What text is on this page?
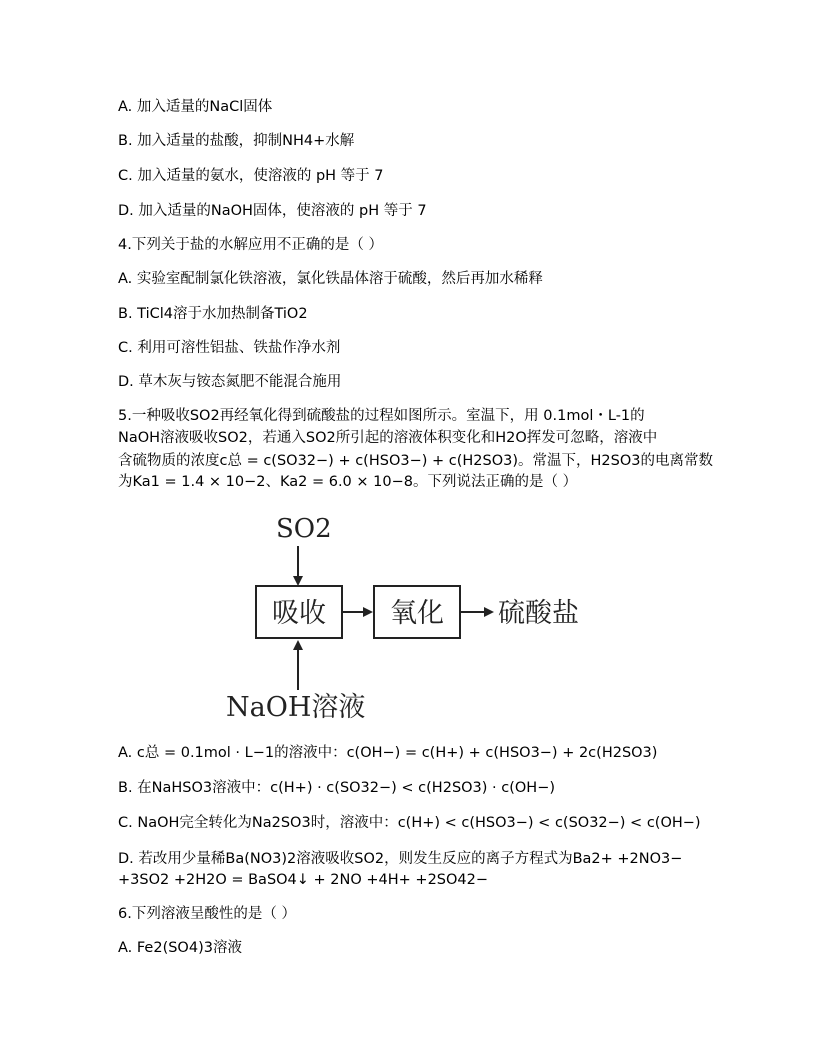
A. 加入适量的NaCl固体
B. 加入适量的盐酸，抑制NH4+水解
C. 加入适量的氨水，使溶液的 pH 等于 7
D. 加入适量的NaOH固体，使溶液的 pH 等于 7
4.下列关于盐的水解应用不正确的是（ ）
A. 实验室配制氯化铁溶液，氯化铁晶体溶于硫酸，然后再加水稀释
B. TiCl4溶于水加热制备TiO2
C. 利用可溶性铝盐、铁盐作净水剂
D. 草木灰与铵态氮肥不能混合施用
5.一种吸收SO2再经氧化得到硫酸盐的过程如图所示。室温下，用 0.1mol・L-1的
NaOH溶液吸收SO2，若通入SO2所引起的溶液体积变化和H2O挥发可忽略，溶液中
含硫物质的浓度c总 = c(SO32−) + c(HSO3−) + c(H2SO3)。常温下，H2SO3的电离常数
为Ka1 = 1.4 × 10−2、Ka2 = 6.0 × 10−8。下列说法正确的是（ ）
SO2
吸收 氧化 硫酸盐
NaOH溶液
A. c总 = 0.1mol · L−1的溶液中：c(OH−) = c(H+) + c(HSO3−) + 2c(H2SO3)
B. 在NaHSO3溶液中：c(H+) · c(SO32−) < c(H2SO3) · c(OH−)
C. NaOH完全转化为Na2SO3时，溶液中：c(H+) < c(HSO3−) < c(SO32−) < c(OH−)
D. 若改用少量稀Ba(NO3)2溶液吸收SO2，则发生反应的离子方程式为Ba2+ +2NO3−
+3SO2 +2H2O = BaSO4↓ + 2NO +4H+ +2SO42−
6.下列溶液呈酸性的是（ ）
A. Fe2(SO4)3溶液
